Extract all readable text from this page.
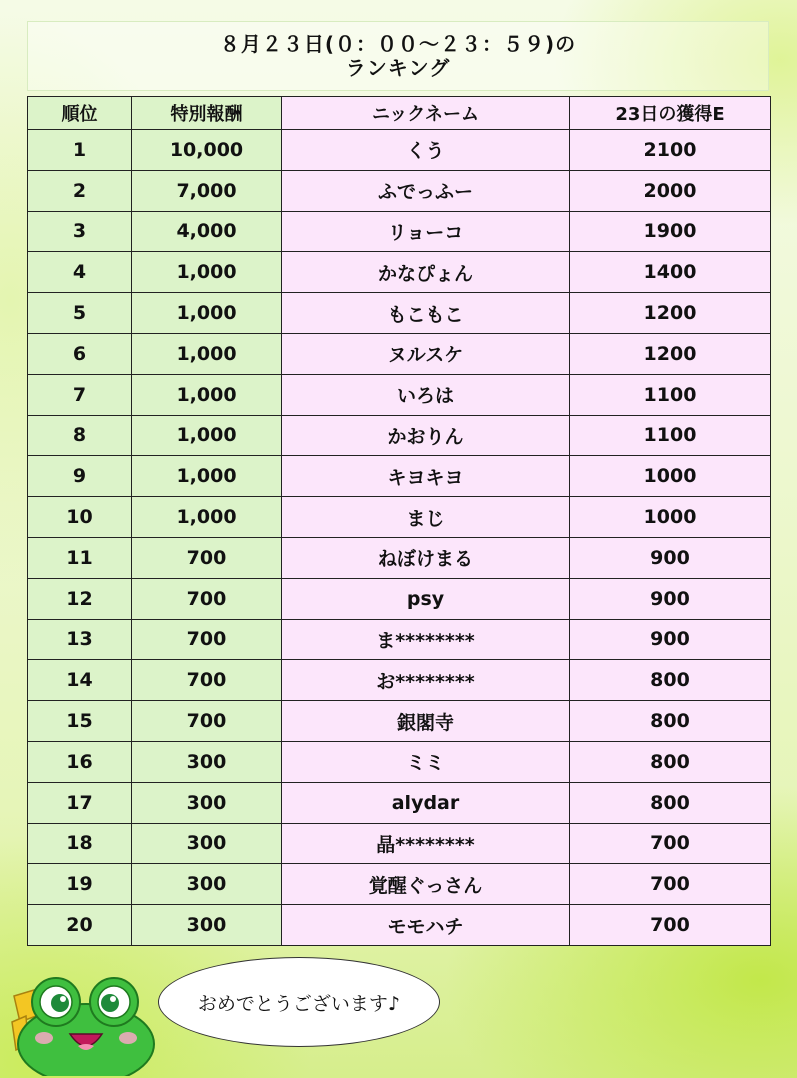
８月２３日(０：００～２３：５９)の
ランキング
順位	特別報酬	ニックネーム	23日の獲得E
1	10,000	くう	2100
2	7,000	ふでっふー	2000
3	4,000	リョーコ	1900
4	1,000	かなぴょん	1400
5	1,000	もこもこ	1200
6	1,000	ヌルスケ	1200
7	1,000	いろは	1100
8	1,000	かおりん	1100
9	1,000	キヨキヨ	1000
10	1,000	まじ	1000
11	700	ねぼけまる	900
12	700	psy	900
13	700	ま********	900
14	700	お********	800
15	700	銀閣寺	800
16	300	ミミ	800
17	300	alydar	800
18	300	晶********	700
19	300	覚醒ぐっさん	700
20	300	モモハチ	700
おめでとうございます♪
